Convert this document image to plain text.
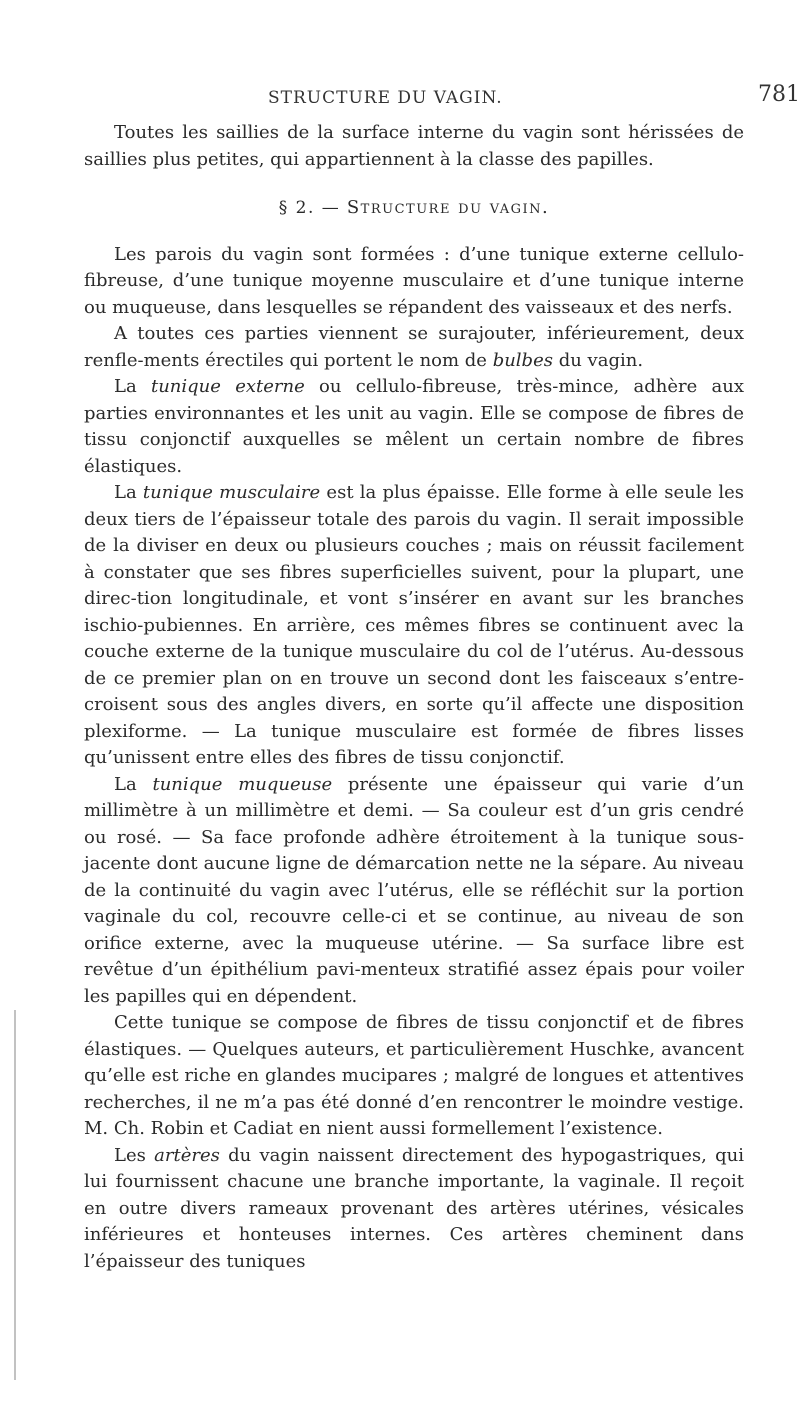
STRUCTURE DU VAGIN.	781

Toutes les saillies de la surface interne du vagin sont hérissées de saillies plus petites, qui appartiennent à la classe des papilles.

§ 2. — Structure du vagin.

Les parois du vagin sont formées : d’une tunique externe cellulo-fibreuse, d’une tunique moyenne musculaire et d’une tunique interne ou muqueuse, dans lesquelles se répandent des vaisseaux et des nerfs.

A toutes ces parties viennent se surajouter, inférieurement, deux renfle-ments érectiles qui portent le nom de bulbes du vagin.

La tunique externe ou cellulo-fibreuse, très-mince, adhère aux parties environnantes et les unit au vagin. Elle se compose de fibres de tissu conjonctif auxquelles se mêlent un certain nombre de fibres élastiques.

La tunique musculaire est la plus épaisse. Elle forme à elle seule les deux tiers de l’épaisseur totale des parois du vagin. Il serait impossible de la diviser en deux ou plusieurs couches ; mais on réussit facilement à constater que ses fibres superficielles suivent, pour la plupart, une direc-tion longitudinale, et vont s’insérer en avant sur les branches ischio-pubiennes. En arrière, ces mêmes fibres se continuent avec la couche externe de la tunique musculaire du col de l’utérus. Au-dessous de ce premier plan on en trouve un second dont les faisceaux s’entre-croisent sous des angles divers, en sorte qu’il affecte une disposition plexiforme. — La tunique musculaire est formée de fibres lisses qu’unissent entre elles des fibres de tissu conjonctif.

La tunique muqueuse présente une épaisseur qui varie d’un millimètre à un millimètre et demi. — Sa couleur est d’un gris cendré ou rosé. — Sa face profonde adhère étroitement à la tunique sous-jacente dont aucune ligne de démarcation nette ne la sépare. Au niveau de la continuité du vagin avec l’utérus, elle se réfléchit sur la portion vaginale du col, recouvre celle-ci et se continue, au niveau de son orifice externe, avec la muqueuse utérine. — Sa surface libre est revêtue d’un épithélium pavi-menteux stratifié assez épais pour voiler les papilles qui en dépendent.

Cette tunique se compose de fibres de tissu conjonctif et de fibres élastiques. — Quelques auteurs, et particulièrement Huschke, avancent qu’elle est riche en glandes mucipares ; malgré de longues et attentives recherches, il ne m’a pas été donné d’en rencontrer le moindre vestige. M. Ch. Robin et Cadiat en nient aussi formellement l’existence.

Les artères du vagin naissent directement des hypogastriques, qui lui fournissent chacune une branche importante, la vaginale. Il reçoit en outre divers rameaux provenant des artères utérines, vésicales inférieures et honteuses internes. Ces artères cheminent dans l’épaisseur des tuniques
